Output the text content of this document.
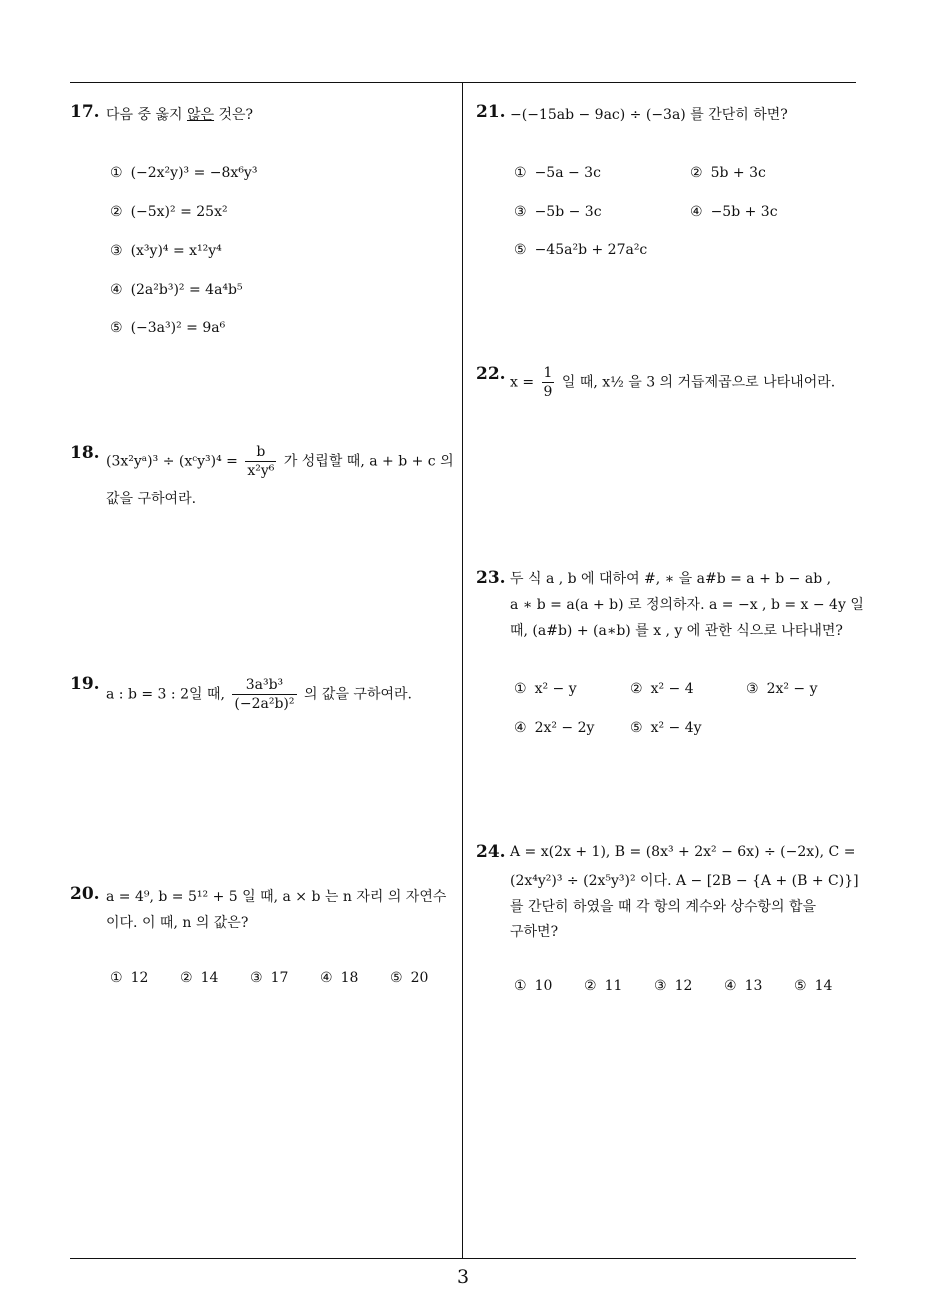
3
17. 다음 중 옳지 않은 것은?
① (−2x²y)³ = −8x⁶y³
② (−5x)² = 25x²
③ (x³y)⁴ = x¹²y⁴
④ (2a²b³)² = 4a⁴b⁵
⑤ (−3a³)² = 9a⁶
18. (3x²yᵃ)³ ÷ (xᶜy³)⁴ = $\frac{b}{\text{x²y⁶}}$ 가 성립할 때, a + b + c 의
값을 구하여라.
19.
a : b = 3 : 2일 때, $\frac{\text{3a³b³}}{\text{(−2a²b)²}}$ 의 값을 구하여라.
20. a = 4⁹, b = 5¹² + 5 일 때, a × b 는 n 자리 의 자연수
이다. 이 때, n 의 값은?
① 12 ② 14 ③ 17 ④ 18 ⑤ 20
21. −(−15ab − 9ac) ÷ (−3a) 를 간단히 하면?
① −5a − 3c	② 5b + 3c
③ −5b − 3c	④ −5b + 3c
⑤ −45a²b + 27a²c
22. $x = \frac{1}{9}$ 일 때, x½ 을 3 의 거듭제곱으로 나타내어라.
23. 두 식 a , b 에 대하여 #, ∗ 을 a#b = a + b − ab ,
a ∗ b = a(a + b) 로 정의하자. a = −x , b = x − 4y 일
때, (a#b) + (a∗b) 를 x , y 에 관한 식으로 나타내면?
① x² − y	② x² − 4	③ 2x² − y
④ 2x² − 2y	⑤ x² − 4y
24. A = x(2x + 1), B = (8x³ + 2x² − 6x) ÷ (−2x), C =
(2x⁴y²)³ ÷ (2x⁵y³)² 이다. A − [2B − {A + (B + C)}]
를 간단히 하였을 때 각 항의 계수와 상수항의 합을
구하면?
① 10 ② 11 ③ 12 ④ 13 ⑤ 14
